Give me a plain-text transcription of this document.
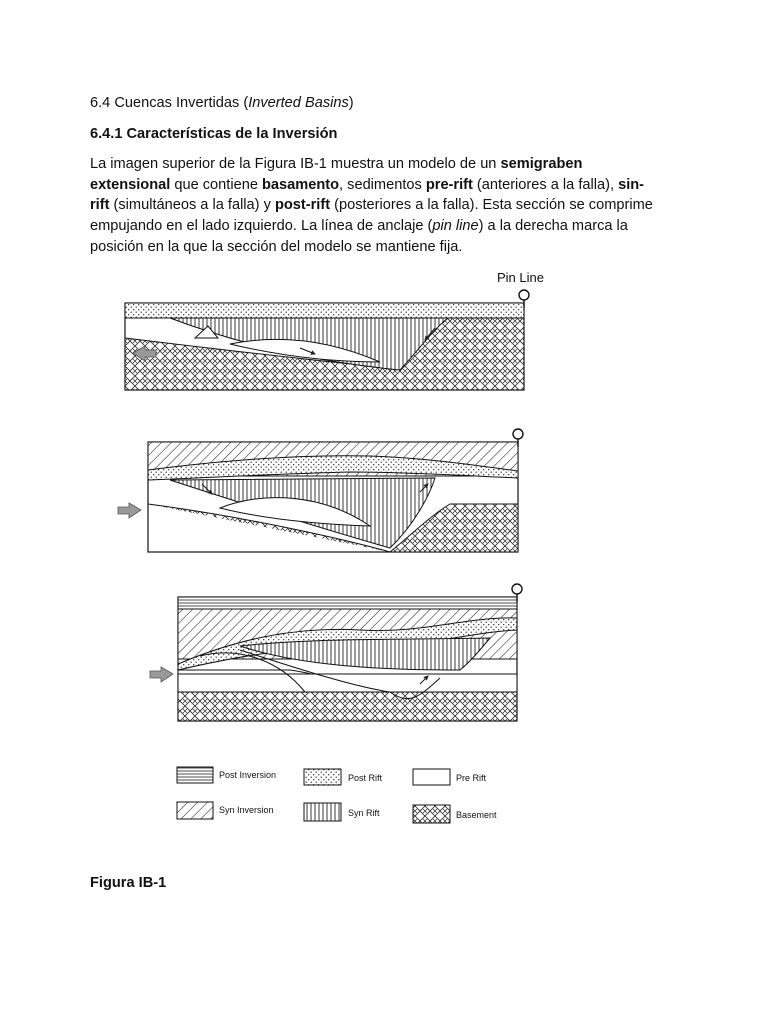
6.4 Cuencas Invertidas (Inverted Basins)
6.4.1 Características de la Inversión
La imagen superior de la Figura IB-1 muestra un modelo de un semigraben
extensional que contiene basamento, sedimentos pre-rift (anteriores a la falla), sin-
rift (simultáneos a la falla) y post-rift (posteriores a la falla). Esta sección se comprime
empujando en el lado izquierdo. La línea de anclaje (pin line) a la derecha marca la
posición en la que la sección del modelo se mantiene fija.
Pin Line
Post Inversion	Post Rift	Pre Rift
Syn Inversion	Syn Rift	Basement
Figura IB-1
